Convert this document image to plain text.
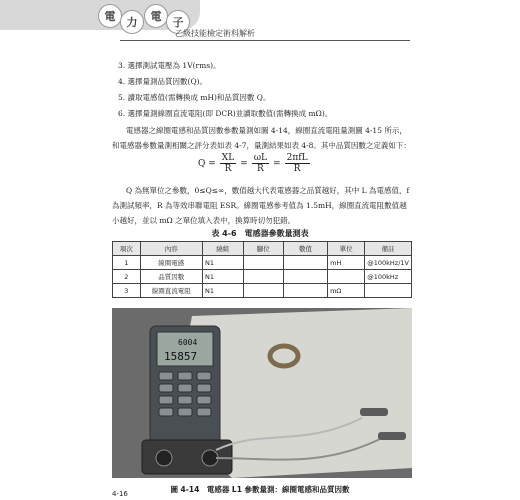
電	力	電	子
乙級技能檢定術科解析
3. 選擇測試電壓為 1V(rms)。
4. 選擇量測品質因數(Q)。
5. 讀取電感值(需轉換成 mH)和品質因數 Q。
6. 選擇量測線圈直流電阻(即 DCR)並讀取數值(需轉換成 mΩ)。
電感器之線圈電感和品質因數參數量測如圖 4-14，線圈直流電阻量測圖 4-15 所示，和電感器參數量測相關之評分表如表 4-7，量測結果如表 4-8。其中品質因數之定義如下：
$Q = \frac{XL}{R} = \frac{\omega L}{R} = \frac{\text{2πfL}}{R}$
Q 為無單位之參數，0≤Q≤∞，數值越大代表電感器之品質越好，其中 L 為電感值，f 為測試頻率，R 為等效串聯電阻 ESR。線圈電感參考值為 1.5mH，線圈直流電阻數值越小越好，並以 mΩ 之單位填入表中，換算時切勿犯錯。
表 4-6　電感器參數量測表
項次	內容	繞組	腳位	數值	單位	備註
1	線圈電感	N1			mH	@100kHz/1V
2	品質因數	N1				@100kHz
3	線圈直流電阻	N1			mΩ	
6004
15857
圖 4-14　電感器 L1 參數量測：線圈電感和品質因數
4-16
